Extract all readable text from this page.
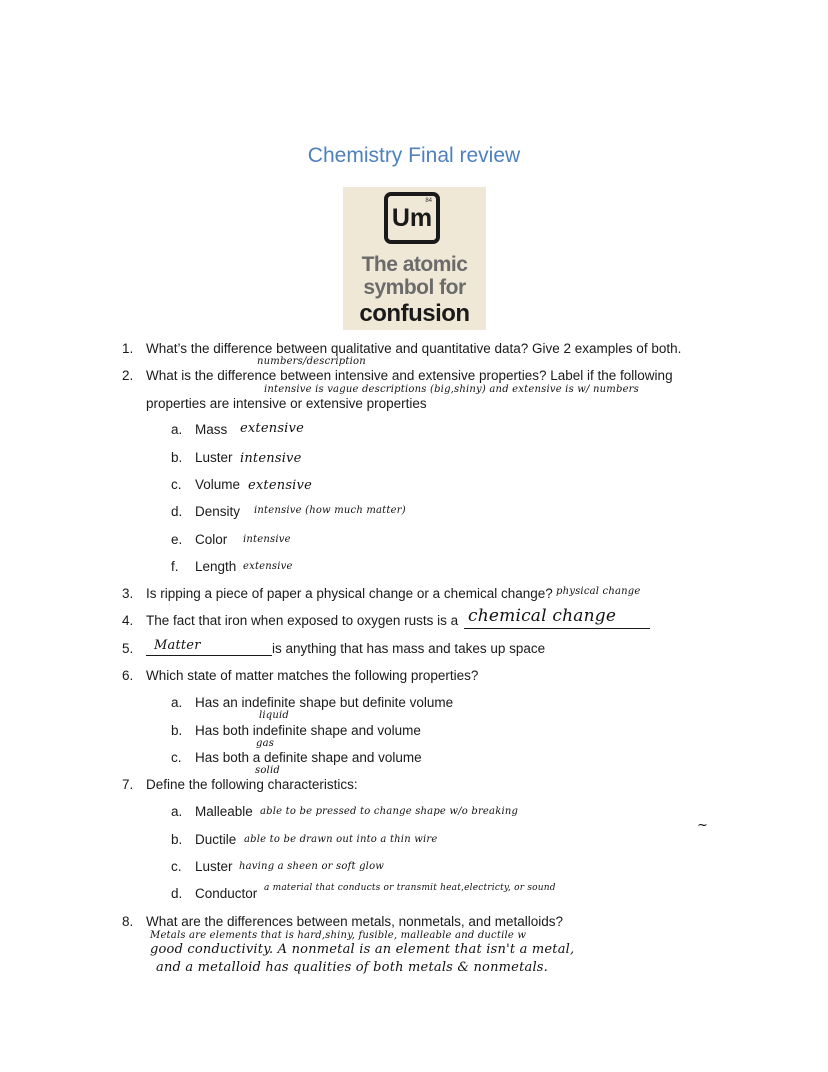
Chemistry Final review
84
Um
The atomic
symbol for
confusion
1. What’s the difference between qualitative and quantitative data? Give 2 examples of both.
numbers/description
2. What is the difference between intensive and extensive properties? Label if the following
intensive is vague descriptions (big,shiny) and extensive is w/ numbers
properties are intensive or extensive properties
a. Mass extensive
b. Luster intensive
c. Volume extensive
d. Density intensive (how much matter)
e. Color intensive
f. Length extensive
3. Is ripping a piece of paper a physical change or a chemical change? physical change
4. The fact that iron when exposed to oxygen rusts is a chemical change
5. Matter	is anything that has mass and takes up space
6. Which state of matter matches the following properties?
a. Has an indefinite shape but definite volume
liquid
b. Has both indefinite shape and volume
gas
c. Has both a definite shape and volume
solid
7. Define the following characteristics:
a. Malleable able to be pressed to change shape w/o breaking
b. Ductile able to be drawn out into a thin wire
c. Luster having a sheen or soft glow
d. Conductor a material that conducts or transmit heat,electricty, or sound
~
8. What are the differences between metals, nonmetals, and metalloids?
Metals are elements that is hard,shiny, fusible, malleable and ductile w
good conductivity. A nonmetal is an element that isn't a metal,
and a metalloid has qualities of both metals & nonmetals.
